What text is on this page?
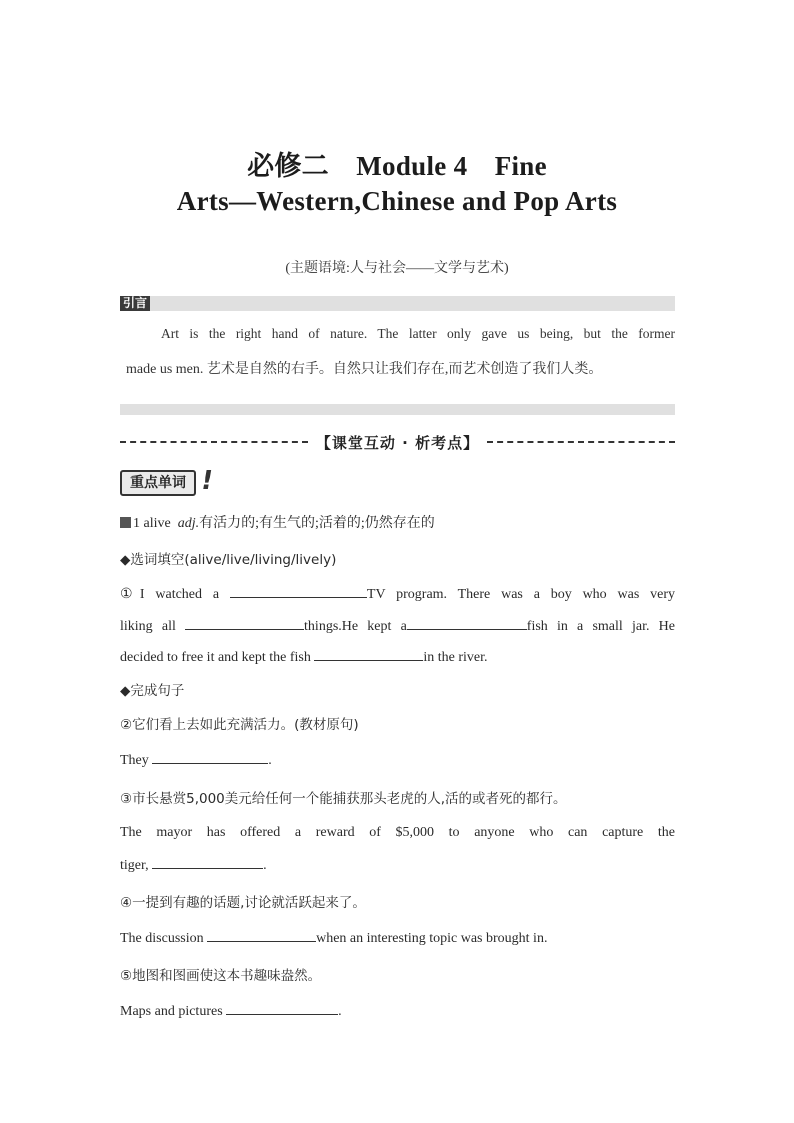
必修二　Module 4　Fine
Arts—Western,Chinese and Pop Arts
(主题语境:人与社会——文学与艺术)
引言
Art is the right hand of nature. The latter only gave us being, but the former
made us men. 艺术是自然的右手。自然只让我们存在,而艺术创造了我们人类。
【课堂互动 · 析考点】
重点单词 !
1 alive adj.有活力的;有生气的;活着的;仍然存在的
◆选词填空(alive/live/living/lively)
①I watched a	TV program. There was a boy who was very
liking all	things.He kept a	fish in a small jar. He
decided to free it and kept the fish	in the river.
◆完成句子
②它们看上去如此充满活力。(教材原句)
They	.
③市长悬赏5,000美元给任何一个能捕获那头老虎的人,活的或者死的都行。
The mayor has offered a reward of $5,000 to anyone who can capture the
tiger,	.
④一提到有趣的话题,讨论就活跃起来了。
The discussion	when an interesting topic was brought in.
⑤地图和图画使这本书趣味盎然。
Maps and pictures	.
